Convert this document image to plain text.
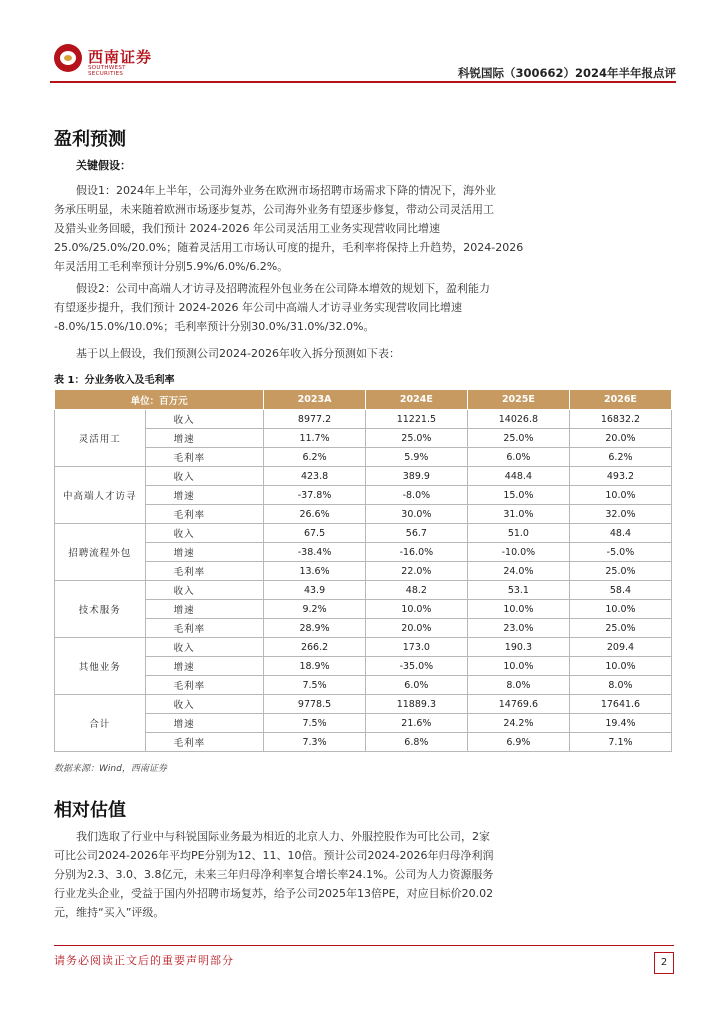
西南证券
SOUTHWEST SECURITIES	科锐国际（300662）2024年半年报点评
盈利预测
关键假设：
假设1：2024年上半年，公司海外业务在欧洲市场招聘市场需求下降的情况下，海外业
务承压明显，未来随着欧洲市场逐步复苏，公司海外业务有望逐步修复，带动公司灵活用工
及猎头业务回暖，我们预计 2024-2026 年公司灵活用工业务实现营收同比增速
25.0%/25.0%/20.0%；随着灵活用工市场认可度的提升，毛利率将保持上升趋势，2024-2026
年灵活用工毛利率预计分别5.9%/6.0%/6.2%。
假设2：公司中高端人才访寻及招聘流程外包业务在公司降本增效的规划下，盈利能力
有望逐步提升，我们预计 2024-2026 年公司中高端人才访寻业务实现营收同比增速
-8.0%/15.0%/10.0%；毛利率预计分别30.0%/31.0%/32.0%。
基于以上假设，我们预测公司2024-2026年收入拆分预测如下表：
表 1：分业务收入及毛利率
单位：百万元		2023A	2024E	2025E	2026E
灵活用工	收入	8977.2	11221.5	14026.8	16832.2
	增速	11.7%	25.0%	25.0%	20.0%
	毛利率	6.2%	5.9%	6.0%	6.2%
中高端人才访寻	收入	423.8	389.9	448.4	493.2
	增速	-37.8%	-8.0%	15.0%	10.0%
	毛利率	26.6%	30.0%	31.0%	32.0%
招聘流程外包	收入	67.5	56.7	51.0	48.4
	增速	-38.4%	-16.0%	-10.0%	-5.0%
	毛利率	13.6%	22.0%	24.0%	25.0%
技术服务	收入	43.9	48.2	53.1	58.4
	增速	9.2%	10.0%	10.0%	10.0%
	毛利率	28.9%	20.0%	23.0%	25.0%
其他业务	收入	266.2	173.0	190.3	209.4
	增速	18.9%	-35.0%	10.0%	10.0%
	毛利率	7.5%	6.0%	8.0%	8.0%
合计	收入	9778.5	11889.3	14769.6	17641.6
	增速	7.5%	21.6%	24.2%	19.4%
	毛利率	7.3%	6.8%	6.9%	7.1%
数据来源：Wind，西南证券
相对估值
我们选取了行业中与科锐国际业务最为相近的北京人力、外服控股作为可比公司，2家
可比公司2024-2026年平均PE分别为12、11、10倍。预计公司2024-2026年归母净利润
分别为2.3、3.0、3.8亿元，未来三年归母净利率复合增长率24.1%。公司为人力资源服务
行业龙头企业，受益于国内外招聘市场复苏，给予公司2025年13倍PE，对应目标价20.02
元，维持“买入”评级。
请务必阅读正文后的重要声明部分	2
